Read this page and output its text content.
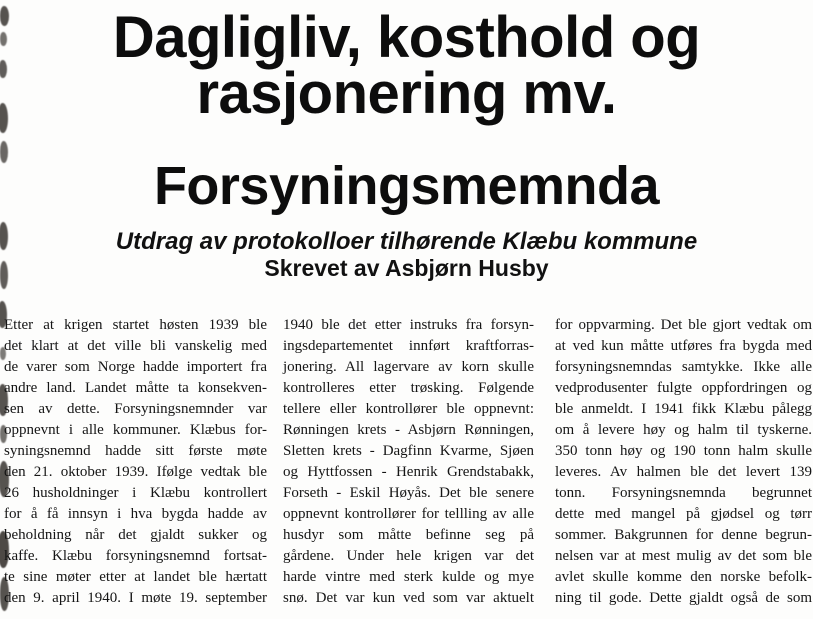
Dagligliv, kosthold og
rasjonering mv.
Forsyningsmemnda
Utdrag av protokolloer tilhørende Klæbu kommune
Skrevet av Asbjørn Husby
Etter at krigen startet høsten 1939 ble
det klart at det ville bli vanskelig med
de varer som Norge hadde importert fra
andre land. Landet måtte ta konsekven-
sen av dette. Forsyningsnemnder var
oppnevnt i alle kommuner. Klæbus for-
syningsnemnd hadde sitt første møte
den 21. oktober 1939. Ifølge vedtak ble
26 husholdninger i Klæbu kontrollert
for å få innsyn i hva bygda hadde av
beholdning når det gjaldt sukker og
kaffe. Klæbu forsyningsnemnd fortsat-
te sine møter etter at landet ble hærtatt
den 9. april 1940. I møte 19. september
1940 ble det etter instruks fra forsyn-
ingsdepartementet innført kraftforras-
jonering. All lagervare av korn skulle
kontrolleres etter trøsking. Følgende
tellere eller kontrollører ble oppnevnt:
Rønningen krets - Asbjørn Rønningen,
Sletten krets - Dagfinn Kvarme, Sjøen
og Hyttfossen - Henrik Grendstabakk,
Forseth - Eskil Høyås. Det ble senere
oppnevnt kontrollører for tellling av alle
husdyr som måtte befinne seg på
gårdene. Under hele krigen var det
harde vintre med sterk kulde og mye
snø. Det var kun ved som var aktuelt
for oppvarming. Det ble gjort vedtak om
at ved kun måtte utføres fra bygda med
forsyningsnemndas samtykke. Ikke alle
vedprodusenter fulgte oppfordringen og
ble anmeldt. I 1941 fikk Klæbu pålegg
om å levere høy og halm til tyskerne.
350 tonn høy og 190 tonn halm skulle
leveres. Av halmen ble det levert 139
tonn. Forsyningsnemnda begrunnet
dette med mangel på gjødsel og tørr
sommer. Bakgrunnen for denne begrun-
nelsen var at mest mulig av det som ble
avlet skulle komme den norske befolk-
ning til gode. Dette gjaldt også de som
